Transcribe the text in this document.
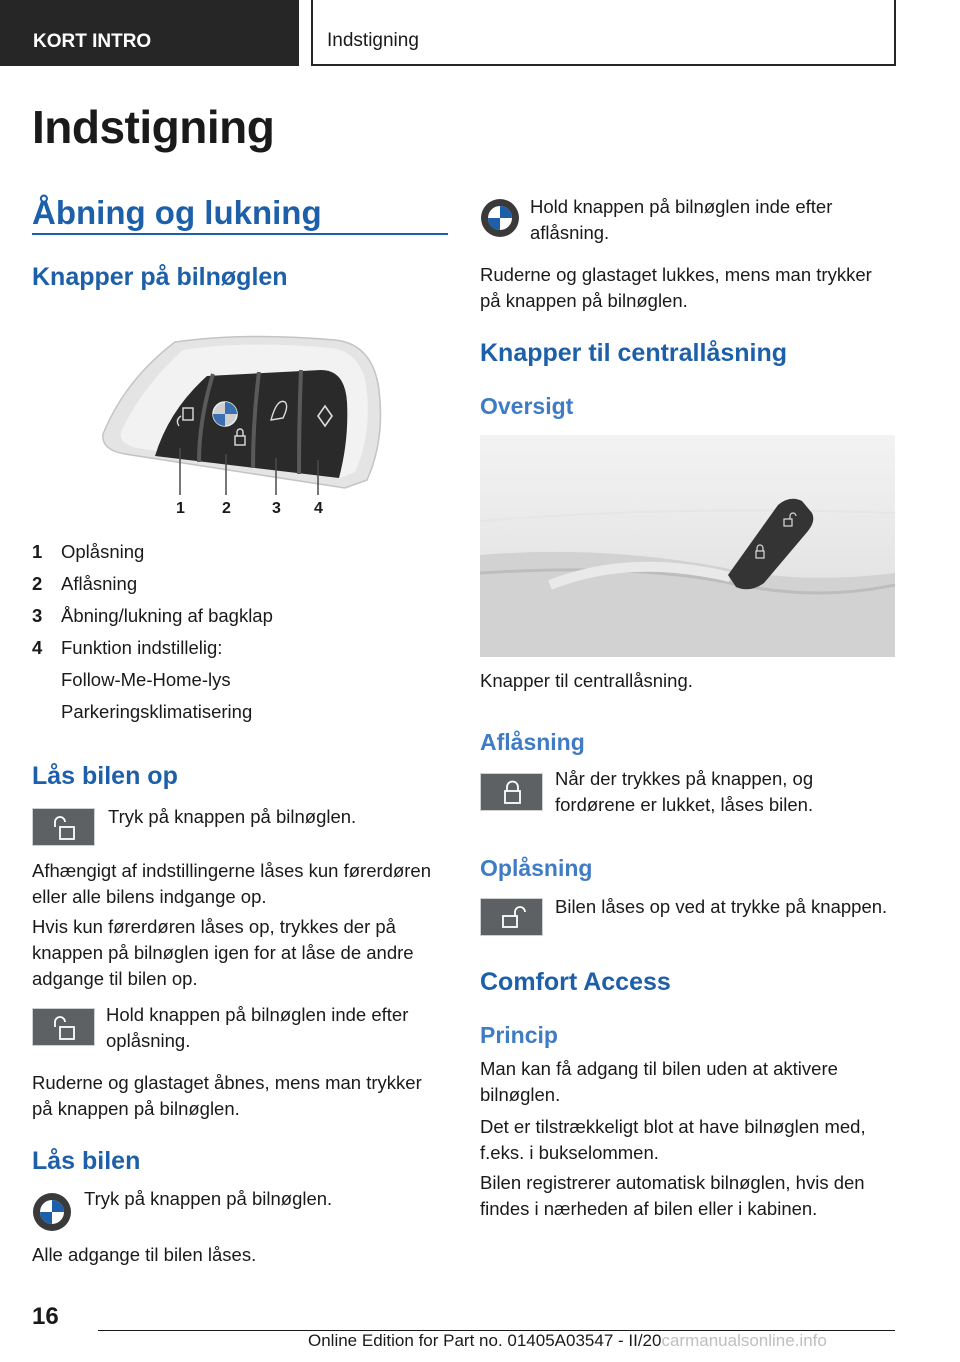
KORT INTRO	Indstigning
Indstigning
Åbning og lukning
Knapper på bilnøglen
1 2	3 4
1	Oplåsning
2	Aflåsning
3	Åbning/lukning af bagklap
4	Funktion indstillelig:
Follow-Me-Home-lys
Parkeringsklimatisering
Lås bilen op
Tryk på knappen på bilnøglen.
Afhængigt af indstillingerne låses kun førerdøren eller alle bilens indgange op.
Hvis kun førerdøren låses op, trykkes der på knappen på bilnøglen igen for at låse de andre adgange til bilen op.
Hold knappen på bilnøglen inde efter oplåsning.
Ruderne og glastaget åbnes, mens man trykker på knappen på bilnøglen.
Lås bilen
Tryk på knappen på bilnøglen.
Alle adgange til bilen låses.
Hold knappen på bilnøglen inde efter aflåsning.
Ruderne og glastaget lukkes, mens man trykker på knappen på bilnøglen.
Knapper til centrallåsning
Oversigt
Knapper til centrallåsning.
Aflåsning
Når der trykkes på knappen, og fordørene er lukket, låses bilen.
Oplåsning
Bilen låses op ved at trykke på knappen.
Comfort Access
Princip
Man kan få adgang til bilen uden at aktivere bilnøglen.
Det er tilstrækkeligt blot at have bilnøglen med, f.eks. i bukselommen.
Bilen registrerer automatisk bilnøglen, hvis den findes i nærheden af bilen eller i kabinen.
16
Online Edition for Part no. 01405A03547 - II/20carmanualsonline.info
